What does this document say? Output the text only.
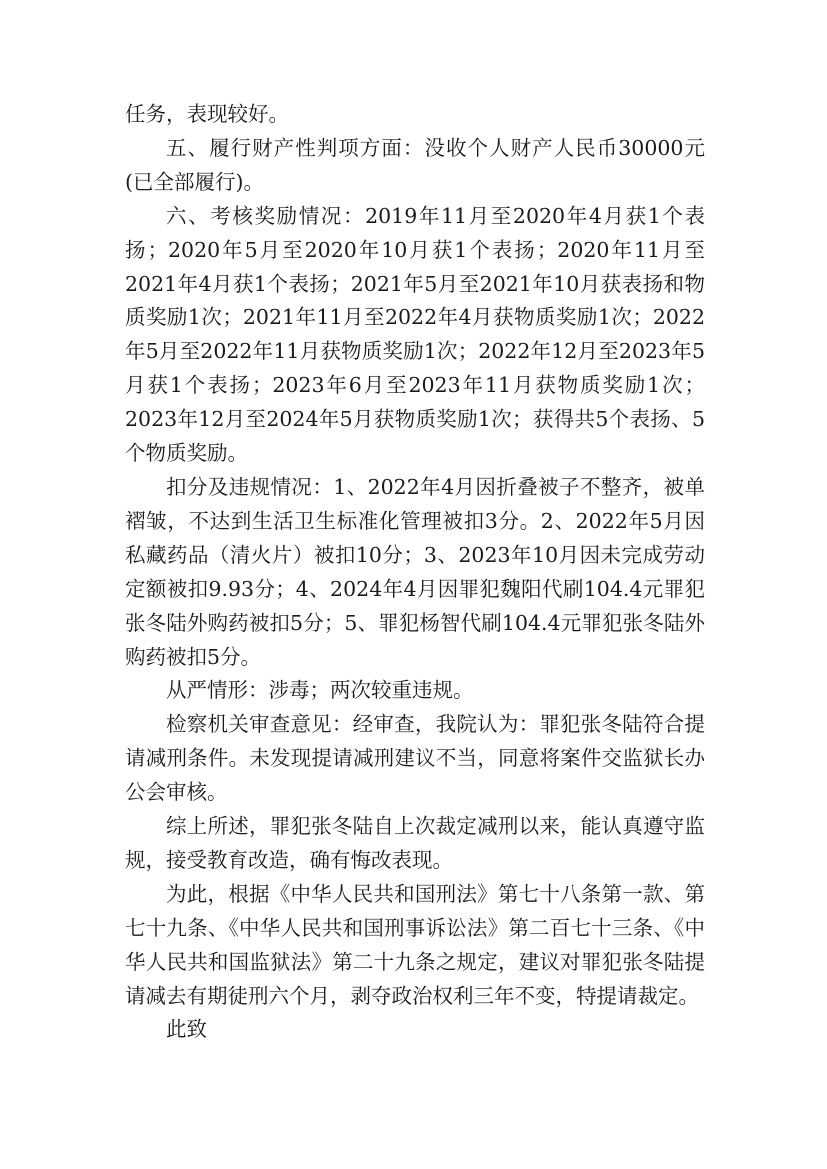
任务，表现较好。

五、履行财产性判项方面：没收个人财产人民币30000元(已全部履行)。

六、考核奖励情况：2019年11月至2020年4月获1个表扬；2020年5月至2020年10月获1个表扬；2020年11月至2021年4月获1个表扬；2021年5月至2021年10月获表扬和物质奖励1次；2021年11月至2022年4月获物质奖励1次；2022年5月至2022年11月获物质奖励1次；2022年12月至2023年5月获1个表扬；2023年6月至2023年11月获物质奖励1次；2023年12月至2024年5月获物质奖励1次；获得共5个表扬、5个物质奖励。

扣分及违规情况：1、2022年4月因折叠被子不整齐，被单褶皱，不达到生活卫生标准化管理被扣3分。2、2022年5月因私藏药品（清火片）被扣10分；3、2023年10月因未完成劳动定额被扣9.93分；4、2024年4月因罪犯魏阳代刷104.4元罪犯张冬陆外购药被扣5分；5、罪犯杨智代刷104.4元罪犯张冬陆外购药被扣5分。

从严情形：涉毒；两次较重违规。

检察机关审查意见：经审查，我院认为：罪犯张冬陆符合提请减刑条件。未发现提请减刑建议不当，同意将案件交监狱长办公会审核。

综上所述，罪犯张冬陆自上次裁定减刑以来，能认真遵守监规，接受教育改造，确有悔改表现。

为此，根据《中华人民共和国刑法》第七十八条第一款、第七十九条、《中华人民共和国刑事诉讼法》第二百七十三条、《中华人民共和国监狱法》第二十九条之规定，建议对罪犯张冬陆提请减去有期徒刑六个月，剥夺政治权利三年不变，特提请裁定。

此致
